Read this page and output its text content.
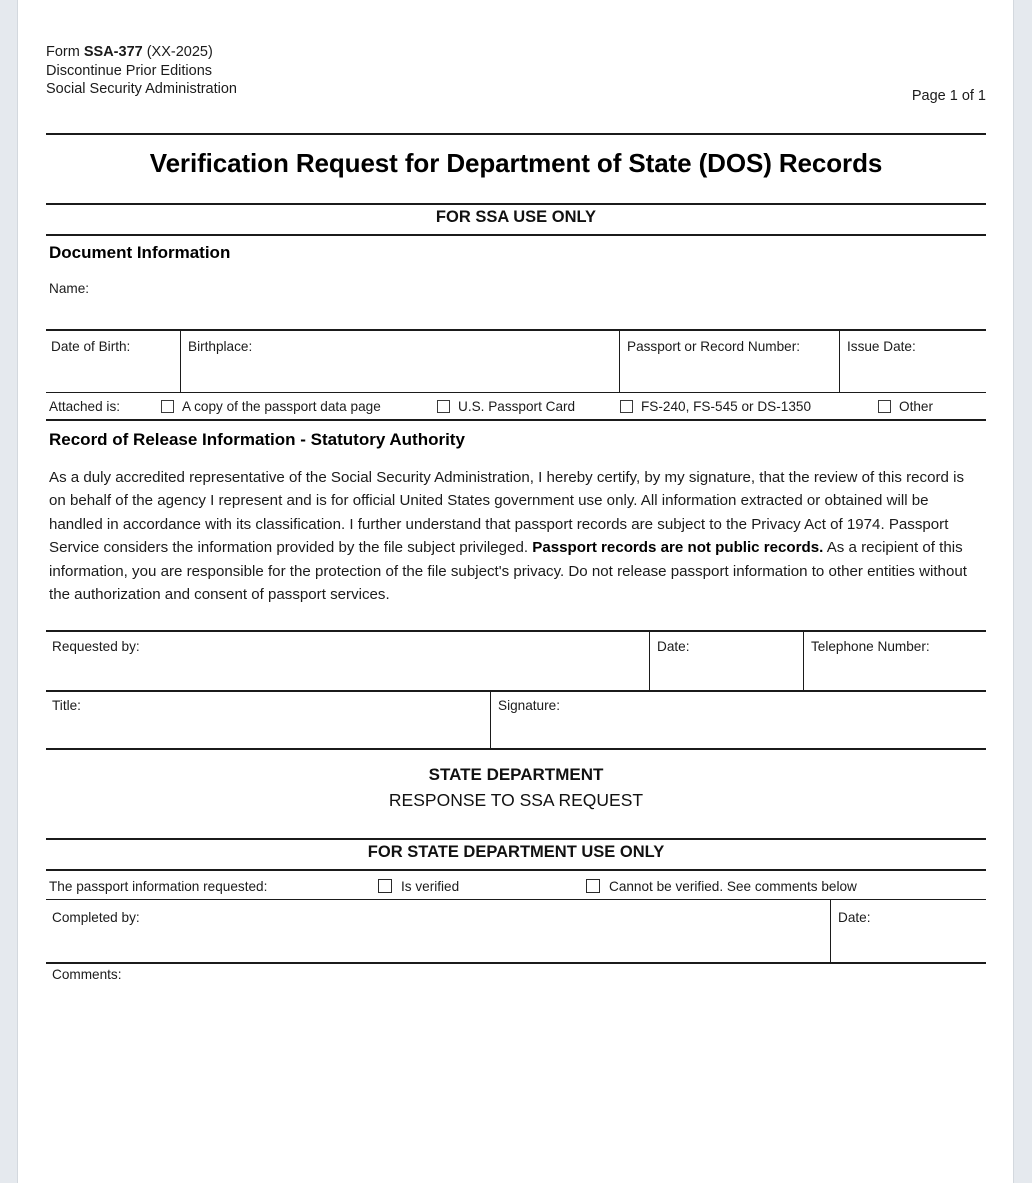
Form SSA-377 (XX-2025)
Discontinue Prior Editions
Social Security Administration	Page 1 of 1
Verification Request for Department of State (DOS) Records
FOR SSA USE ONLY
Document Information
Name:
Date of Birth:	Birthplace:	Passport or Record Number:	Issue Date:
Attached is:	A copy of the passport data page	U.S. Passport Card	FS-240, FS-545 or DS-1350	Other
Record of Release Information - Statutory Authority
As a duly accredited representative of the Social Security Administration, I hereby certify, by my signature, that the review of this record is on behalf of the agency I represent and is for official United States government use only. All information extracted or obtained will be handled in accordance with its classification. I further understand that passport records are subject to the Privacy Act of 1974. Passport Service considers the information provided by the file subject privileged. Passport records are not public records. As a recipient of this information, you are responsible for the protection of the file subject's privacy. Do not release passport information to other entities without the authorization and consent of passport services.
Requested by:	Date:	Telephone Number:
Title:	Signature:
STATE DEPARTMENT
RESPONSE TO SSA REQUEST
FOR STATE DEPARTMENT USE ONLY
The passport information requested:	Is verified	Cannot be verified. See comments below
Completed by:	Date:
Comments:
